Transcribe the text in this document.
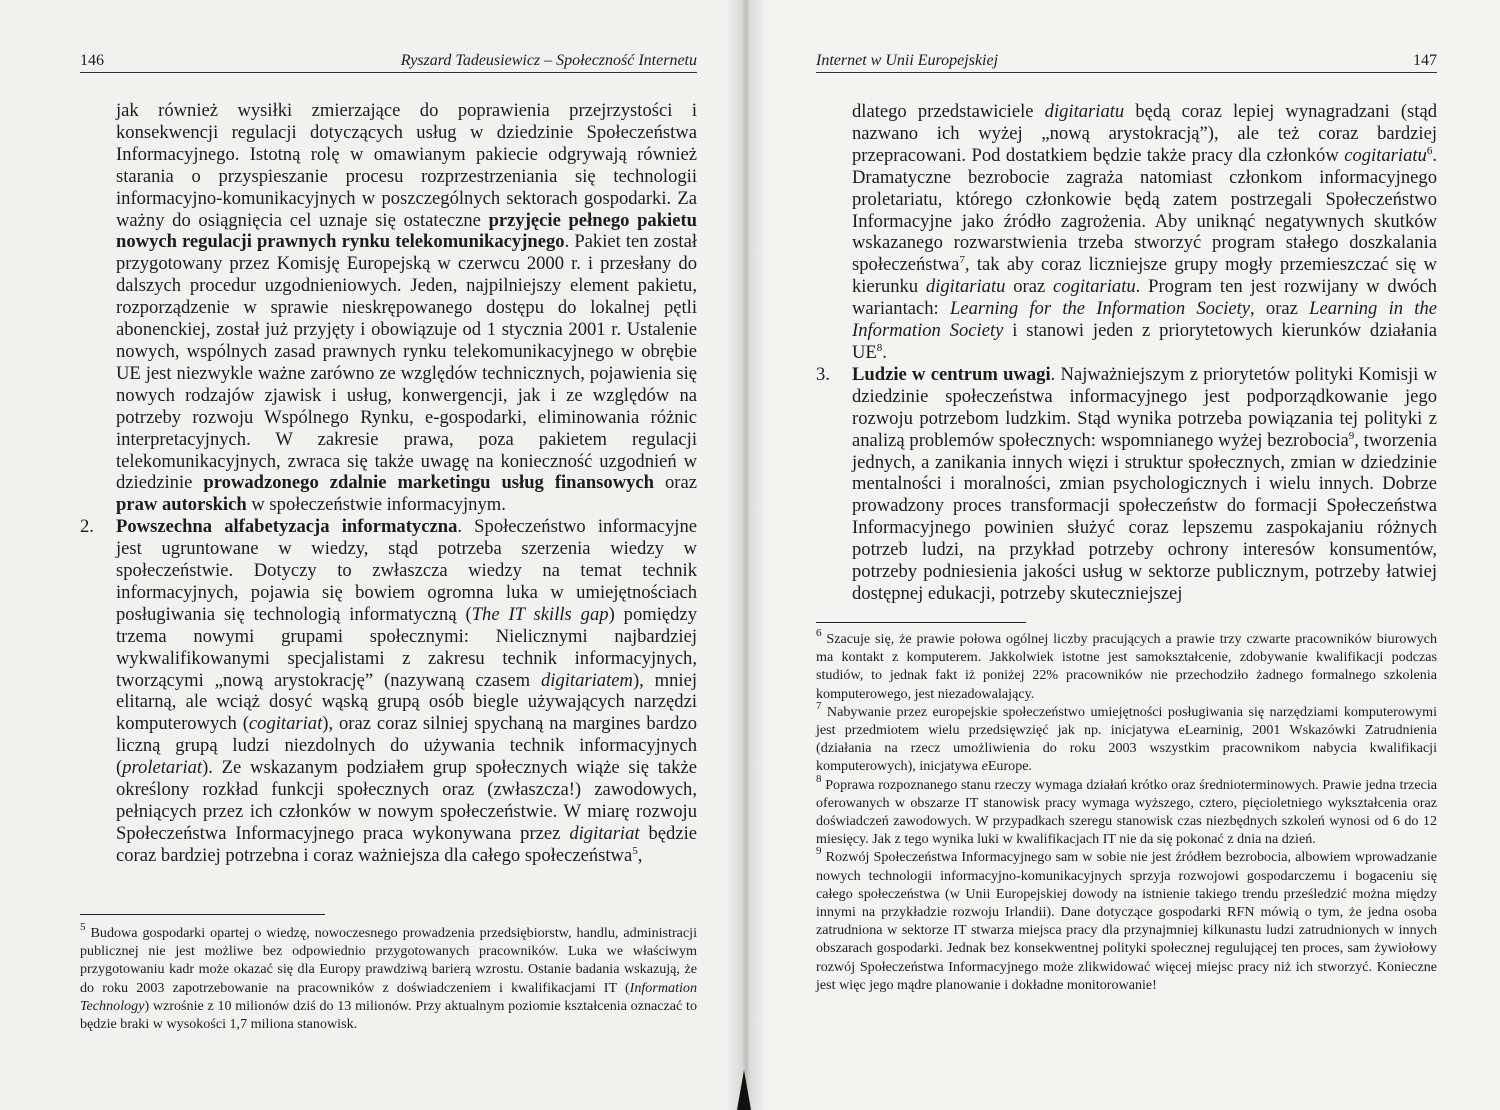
146	Ryszard Tadeusiewicz – Społeczność Internetu

jak również wysiłki zmierzające do poprawienia przejrzystości i konsekwencji regulacji dotyczących usług w dziedzinie Społeczeństwa Informacyjnego. Istotną rolę w omawianym pakiecie odgrywają również starania o przyspieszanie procesu rozprzestrzeniania się technologii informacyjno-komunikacyjnych w poszczególnych sektorach gospodarki. Za ważny do osiągnięcia cel uznaje się ostateczne przyjęcie pełnego pakietu nowych regulacji prawnych rynku telekomunikacyjnego. Pakiet ten został przygotowany przez Komisję Europejską w czerwcu 2000 r. i przesłany do dalszych procedur uzgodnieniowych. Jeden, najpilniejszy element pakietu, rozporządzenie w sprawie nieskrępowanego dostępu do lokalnej pętli abonenckiej, został już przyjęty i obowiązuje od 1 stycznia 2001 r. Ustalenie nowych, wspólnych zasad prawnych rynku telekomunikacyjnego w obrębie UE jest niezwykle ważne zarówno ze względów technicznych, pojawienia się nowych rodzajów zjawisk i usług, konwergencji, jak i ze względów na potrzeby rozwoju Wspólnego Rynku, e-gospodarki, eliminowania różnic interpretacyjnych. W zakresie prawa, poza pakietem regulacji telekomunikacyjnych, zwraca się także uwagę na konieczność uzgodnień w dziedzinie prowadzonego zdalnie marketingu usług finansowych oraz praw autorskich w społeczeństwie informacyjnym.

2. Powszechna alfabetyzacja informatyczna. Społeczeństwo informacyjne jest ugruntowane w wiedzy, stąd potrzeba szerzenia wiedzy w społeczeństwie. Dotyczy to zwłaszcza wiedzy na temat technik informacyjnych, pojawia się bowiem ogromna luka w umiejętnościach posługiwania się technologią informatyczną (The IT skills gap) pomiędzy trzema nowymi grupami społecznymi: Nielicznymi najbardziej wykwalifikowanymi specjalistami z zakresu technik informacyjnych, tworzącymi „nową arystokrację” (nazywaną czasem digitariatem), mniej elitarną, ale wciąż dosyć wąską grupą osób biegle używających narzędzi komputerowych (cogitariat), oraz coraz silniej spychaną na margines bardzo liczną grupą ludzi niezdolnych do używania technik informacyjnych (proletariat). Ze wskazanym podziałem grup społecznych wiąże się także określony rozkład funkcji społecznych oraz (zwłaszcza!) zawodowych, pełniących przez ich członków w nowym społeczeństwie. W miarę rozwoju Społeczeństwa Informacyjnego praca wykonywana przez digitariat będzie coraz bardziej potrzebna i coraz ważniejsza dla całego społeczeństwa$^5$,

$^5$ Budowa gospodarki opartej o wiedzę, nowoczesnego prowadzenia przedsiębiorstw, handlu, administracji publicznej nie jest możliwe bez odpowiednio przygotowanych pracowników. Luka we właściwym przygotowaniu kadr może okazać się dla Europy prawdziwą barierą wzrostu. Ostanie badania wskazują, że do roku 2003 zapotrzebowanie na pracowników z doświadczeniem i kwalifikacjami IT (Information Technology) wzrośnie z 10 milionów dziś do 13 milionów. Przy aktualnym poziomie kształcenia oznaczać to będzie braki w wysokości 1,7 miliona stanowisk.

Internet w Unii Europejskiej	147

dlatego przedstawiciele digitariatu będą coraz lepiej wynagradzani (stąd nazwano ich wyżej „nową arystokracją”), ale też coraz bardziej przepracowani. Pod dostatkiem będzie także pracy dla członków cogitariatu$^6$. Dramatyczne bezrobocie zagraża natomiast członkom informacyjnego proletariatu, którego członkowie będą zatem postrzegali Społeczeństwo Informacyjne jako źródło zagrożenia. Aby uniknąć negatywnych skutków wskazanego rozwarstwienia trzeba stworzyć program stałego doszkalania społeczeństwa$^7$, tak aby coraz liczniejsze grupy mogły przemieszczać się w kierunku digitariatu oraz cogitariatu. Program ten jest rozwijany w dwóch wariantach: Learning for the Information Society, oraz Learning in the Information Society i stanowi jeden z priorytetowych kierunków działania $UE^8$.

3. Ludzie w centrum uwagi. Najważniejszym z priorytetów polityki Komisji w dziedzinie społeczeństwa informacyjnego jest podporządkowanie jego rozwoju potrzebom ludzkim. Stąd wynika potrzeba powiązania tej polityki z analizą problemów społecznych: wspomnianego wyżej bezrobocia$^9$, tworzenia jednych, a zanikania innych więzi i struktur społecznych, zmian w dziedzinie mentalności i moralności, zmian psychologicznych i wielu innych. Dobrze prowadzony proces transformacji społeczeństw do formacji Społeczeństwa Informacyjnego powinien służyć coraz lepszemu zaspokajaniu różnych potrzeb ludzi, na przykład potrzeby ochrony interesów konsumentów, potrzeby podniesienia jakości usług w sektorze publicznym, potrzeby łatwiej dostępnej edukacji, potrzeby skuteczniejszej

$^6$ Szacuje się, że prawie połowa ogólnej liczby pracujących a prawie trzy czwarte pracowników biurowych ma kontakt z komputerem. Jakkolwiek istotne jest samokształcenie, zdobywanie kwalifikacji podczas studiów, to jednak fakt iż poniżej 22% pracowników nie przechodziło żadnego formalnego szkolenia komputerowego, jest niezadowalający.

$^7$ Nabywanie przez europejskie społeczeństwo umiejętności posługiwania się narzędziami komputerowymi jest przedmiotem wielu przedsięwzięć jak np. inicjatywa eLearninig, 2001 Wskazówki Zatrudnienia (działania na rzecz umożliwienia do roku 2003 wszystkim pracownikom nabycia kwalifikacji komputerowych), inicjatywa eEurope.

$^8$ Poprawa rozpoznanego stanu rzeczy wymaga działań krótko oraz średnioterminowych. Prawie jedna trzecia oferowanych w obszarze IT stanowisk pracy wymaga wyższego, cztero, pięcioletniego wykształcenia oraz doświadczeń zawodowych. W przypadkach szeregu stanowisk czas niezbędnych szkoleń wynosi od 6 do 12 miesięcy. Jak z tego wynika luki w kwalifikacjach IT nie da się pokonać z dnia na dzień.

$^9$ Rozwój Społeczeństwa Informacyjnego sam w sobie nie jest źródłem bezrobocia, albowiem wprowadzanie nowych technologii informacyjno-komunikacyjnych sprzyja rozwojowi gospodarczemu i bogaceniu się całego społeczeństwa (w Unii Europejskiej dowody na istnienie takiego trendu prześledzić można między innymi na przykładzie rozwoju Irlandii). Dane dotyczące gospodarki RFN mówią o tym, że jedna osoba zatrudniona w sektorze IT stwarza miejsca pracy dla przynajmniej kilkunastu ludzi zatrudnionych w innych obszarach gospodarki. Jednak bez konsekwentnej polityki społecznej regulującej ten proces, sam żywiołowy rozwój Społeczeństwa Informacyjnego może zlikwidować więcej miejsc pracy niż ich stworzyć. Konieczne jest więc jego mądre planowanie i dokładne monitorowanie!
